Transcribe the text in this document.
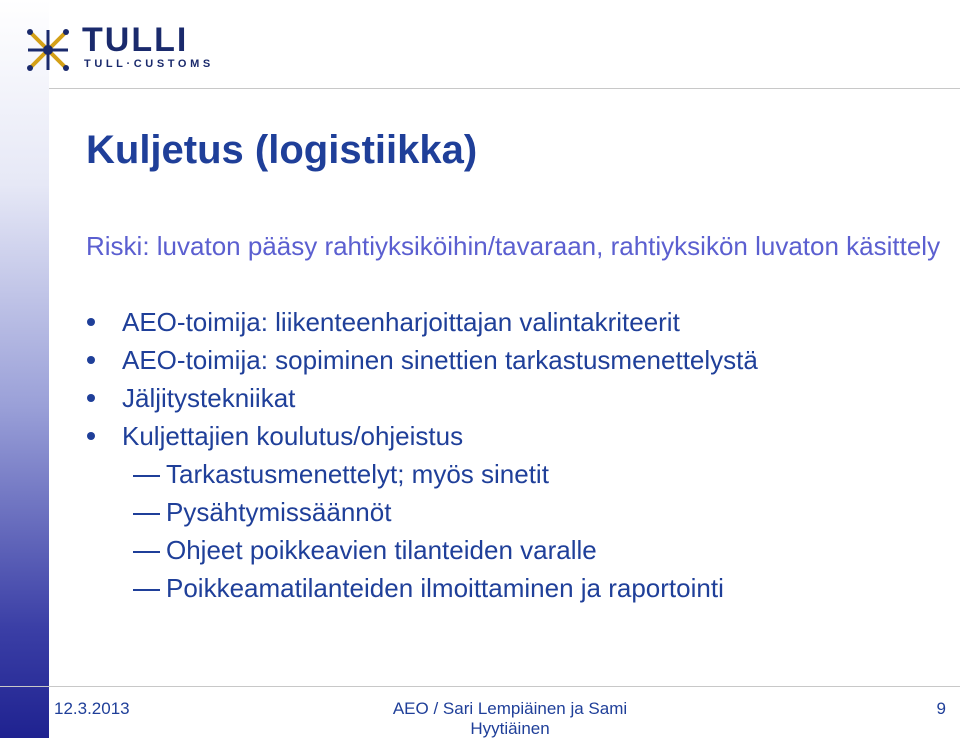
TULLI
TULL·CUSTOMS
Kuljetus (logistiikka)
Riski: luvaton pääsy rahtiyksiköihin/tavaraan, rahtiyksikön luvaton käsittely
AEO-toimija: liikenteenharjoittajan valintakriteerit
AEO-toimija: sopiminen sinettien tarkastusmenettelystä
Jäljitystekniikat
Kuljettajien koulutus/ohjeistus
Tarkastusmenettelyt; myös sinetit
Pysähtymissäännöt
Ohjeet poikkeavien tilanteiden varalle
Poikkeamatilanteiden ilmoittaminen ja raportointi
12.3.2013	AEO / Sari Lempiäinen ja Sami Hyytiäinen
9
